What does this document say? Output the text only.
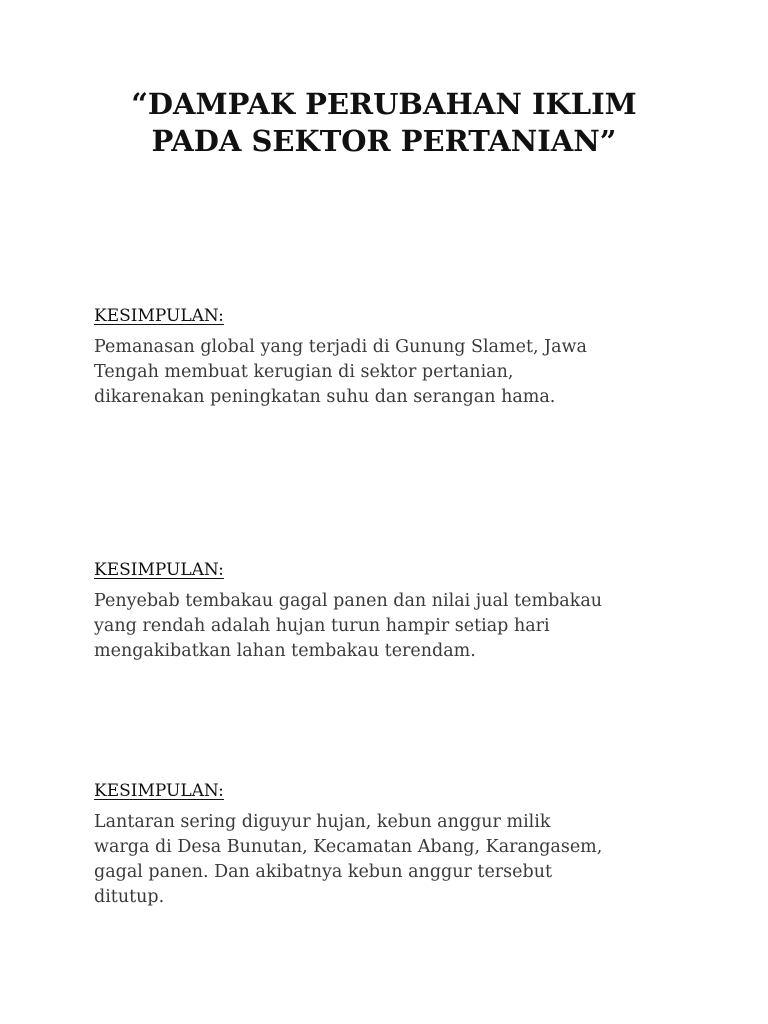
“DAMPAK PERUBAHAN IKLIM
PADA SEKTOR PERTANIAN”
KESIMPULAN:

Pemanasan global yang terjadi di Gunung Slamet, Jawa
Tengah membuat kerugian di sektor pertanian,
dikarenakan peningkatan suhu dan serangan hama.

KESIMPULAN:

Penyebab tembakau gagal panen dan nilai jual tembakau
yang rendah adalah hujan turun hampir setiap hari
mengakibatkan lahan tembakau terendam.

KESIMPULAN:

Lantaran sering diguyur hujan, kebun anggur milik
warga di Desa Bunutan, Kecamatan Abang, Karangasem,
gagal panen. Dan akibatnya kebun anggur tersebut
ditutup.
